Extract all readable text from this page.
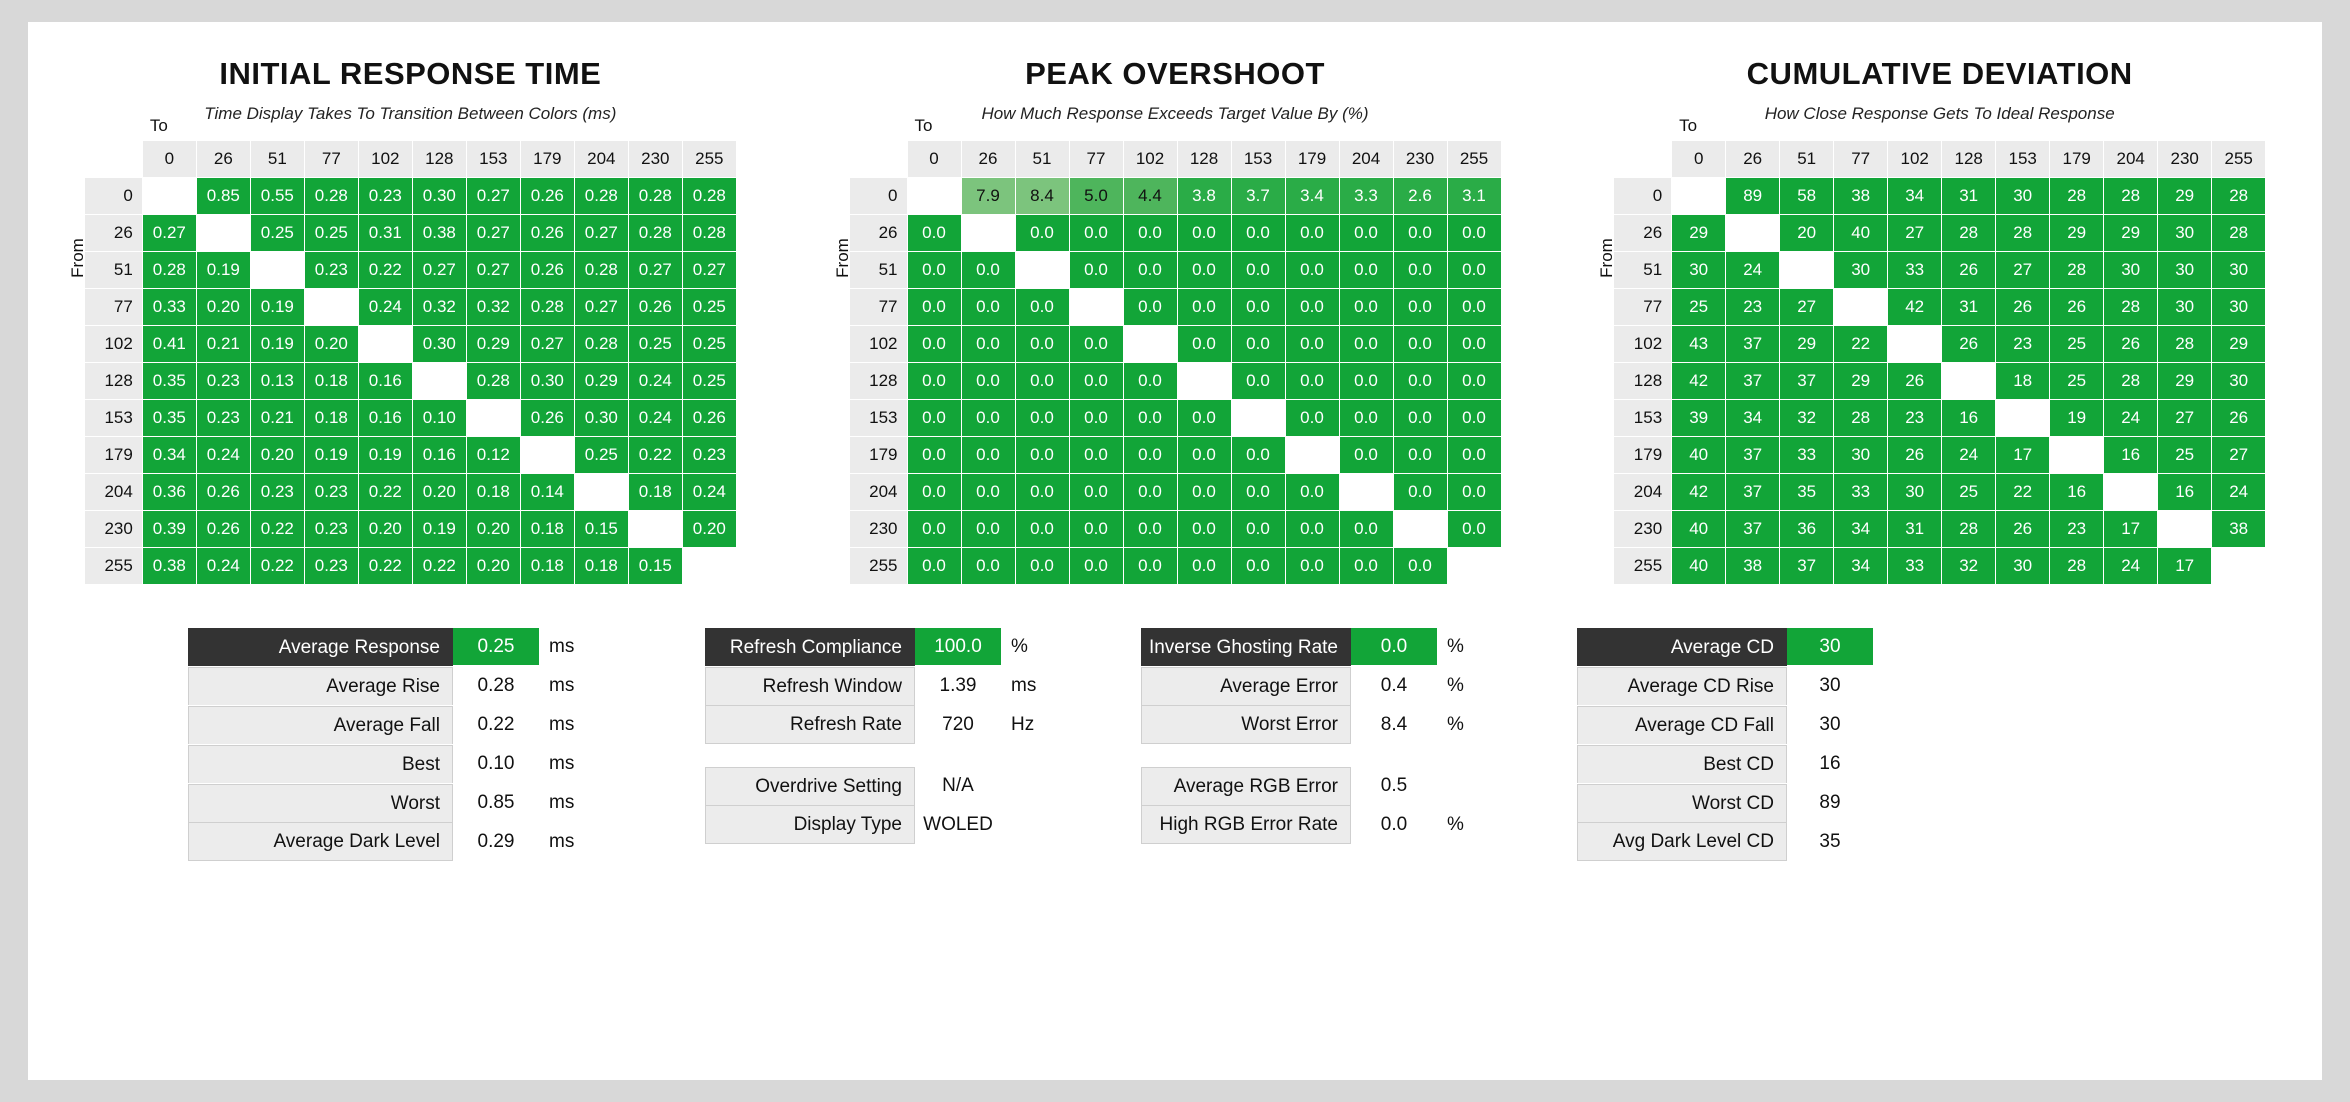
INITIAL RESPONSE TIME
Time Display Takes To Transition Between Colors (ms)
To
From
	0	26	51	77	102	128	153	179	204	230	255
0		0.85	0.55	0.28	0.23	0.30	0.27	0.26	0.28	0.28	0.28
26	0.27		0.25	0.25	0.31	0.38	0.27	0.26	0.27	0.28	0.28
51	0.28	0.19		0.23	0.22	0.27	0.27	0.26	0.28	0.27	0.27
77	0.33	0.20	0.19		0.24	0.32	0.32	0.28	0.27	0.26	0.25
102	0.41	0.21	0.19	0.20		0.30	0.29	0.27	0.28	0.25	0.25
128	0.35	0.23	0.13	0.18	0.16		0.28	0.30	0.29	0.24	0.25
153	0.35	0.23	0.21	0.18	0.16	0.10		0.26	0.30	0.24	0.26
179	0.34	0.24	0.20	0.19	0.19	0.16	0.12		0.25	0.22	0.23
204	0.36	0.26	0.23	0.23	0.22	0.20	0.18	0.14		0.18	0.24
230	0.39	0.26	0.22	0.23	0.20	0.19	0.20	0.18	0.15		0.20
255	0.38	0.24	0.22	0.23	0.22	0.22	0.20	0.18	0.18	0.15	
PEAK OVERSHOOT
How Much Response Exceeds Target Value By (%)
To
From
	0	26	51	77	102	128	153	179	204	230	255
0		7.9	8.4	5.0	4.4	3.8	3.7	3.4	3.3	2.6	3.1
26	0.0		0.0	0.0	0.0	0.0	0.0	0.0	0.0	0.0	0.0
51	0.0	0.0		0.0	0.0	0.0	0.0	0.0	0.0	0.0	0.0
77	0.0	0.0	0.0		0.0	0.0	0.0	0.0	0.0	0.0	0.0
102	0.0	0.0	0.0	0.0		0.0	0.0	0.0	0.0	0.0	0.0
128	0.0	0.0	0.0	0.0	0.0		0.0	0.0	0.0	0.0	0.0
153	0.0	0.0	0.0	0.0	0.0	0.0		0.0	0.0	0.0	0.0
179	0.0	0.0	0.0	0.0	0.0	0.0	0.0		0.0	0.0	0.0
204	0.0	0.0	0.0	0.0	0.0	0.0	0.0	0.0		0.0	0.0
230	0.0	0.0	0.0	0.0	0.0	0.0	0.0	0.0	0.0		0.0
255	0.0	0.0	0.0	0.0	0.0	0.0	0.0	0.0	0.0	0.0	
CUMULATIVE DEVIATION
How Close Response Gets To Ideal Response
To
From
	0	26	51	77	102	128	153	179	204	230	255
0		89	58	38	34	31	30	28	28	29	28
26	29		20	40	27	28	28	29	29	30	28
51	30	24		30	33	26	27	28	30	30	30
77	25	23	27		42	31	26	26	28	30	30
102	43	37	29	22		26	23	25	26	28	29
128	42	37	37	29	26		18	25	28	29	30
153	39	34	32	28	23	16		19	24	27	26
179	40	37	33	30	26	24	17		16	25	27
204	42	37	35	33	30	25	22	16		16	24
230	40	37	36	34	31	28	26	23	17		38
255	40	38	37	34	33	32	30	28	24	17	
Average Response	0.25	ms
Average Rise	0.28	ms
Average Fall	0.22	ms
Best	0.10	ms
Worst	0.85	ms
Average Dark Level	0.29	ms
Refresh Compliance	100.0	%
Refresh Window	1.39	ms
Refresh Rate	720	Hz
Overdrive Setting	N/A
Display Type	WOLED
Inverse Ghosting Rate	0.0	%
Average Error	0.4	%
Worst Error	8.4	%
Average RGB Error	0.5
High RGB Error Rate	0.0	%
Average CD	30
Average CD Rise	30
Average CD Fall	30
Best CD	16
Worst CD	89
Avg Dark Level CD	35
